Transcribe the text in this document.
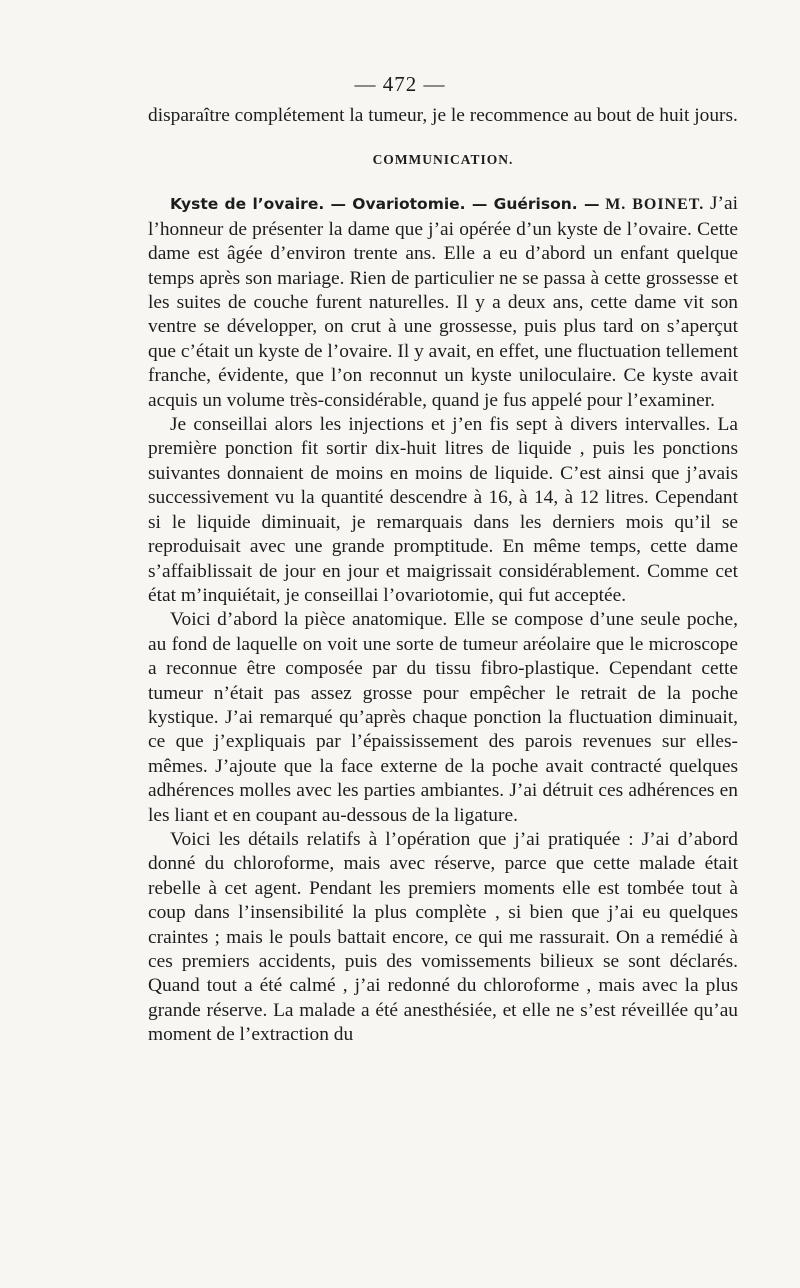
— 472 —

disparaître complétement la tumeur, je le recommence au bout de huit jours.

COMMUNICATION.

Kyste de l’ovaire. — Ovariotomie. — Guérison. — M. BOINET. J’ai l’honneur de présenter la dame que j’ai opérée d’un kyste de l’ovaire. Cette dame est âgée d’environ trente ans. Elle a eu d’abord un enfant quelque temps après son mariage. Rien de particulier ne se passa à cette grossesse et les suites de couche furent naturelles. Il y a deux ans, cette dame vit son ventre se développer, on crut à une grossesse, puis plus tard on s’aperçut que c’était un kyste de l’ovaire. Il y avait, en effet, une fluctuation tellement franche, évidente, que l’on reconnut un kyste uniloculaire. Ce kyste avait acquis un volume très-considérable, quand je fus appelé pour l’examiner.

Je conseillai alors les injections et j’en fis sept à divers intervalles. La première ponction fit sortir dix-huit litres de liquide , puis les ponctions suivantes donnaient de moins en moins de liquide. C’est ainsi que j’avais successivement vu la quantité descendre à 16, à 14, à 12 litres. Cependant si le liquide diminuait, je remarquais dans les derniers mois qu’il se reproduisait avec une grande promptitude. En même temps, cette dame s’affaiblissait de jour en jour et maigrissait considérablement. Comme cet état m’inquiétait, je conseillai l’ovariotomie, qui fut acceptée.

Voici d’abord la pièce anatomique. Elle se compose d’une seule poche, au fond de laquelle on voit une sorte de tumeur aréolaire que le microscope a reconnue être composée par du tissu fibro-plastique. Cependant cette tumeur n’était pas assez grosse pour empêcher le retrait de la poche kystique. J’ai remarqué qu’après chaque ponction la fluctuation diminuait, ce que j’expliquais par l’épaississement des parois revenues sur elles-mêmes. J’ajoute que la face externe de la poche avait contracté quelques adhérences molles avec les parties ambiantes. J’ai détruit ces adhérences en les liant et en coupant au-dessous de la ligature.

Voici les détails relatifs à l’opération que j’ai pratiquée : J’ai d’abord donné du chloroforme, mais avec réserve, parce que cette malade était rebelle à cet agent. Pendant les premiers moments elle est tombée tout à coup dans l’insensibilité la plus complète , si bien que j’ai eu quelques craintes ; mais le pouls battait encore, ce qui me rassurait. On a remédié à ces premiers accidents, puis des vomissements bilieux se sont déclarés. Quand tout a été calmé , j’ai redonné du chloroforme , mais avec la plus grande réserve. La malade a été anesthésiée, et elle ne s’est réveillée qu’au moment de l’extraction du
